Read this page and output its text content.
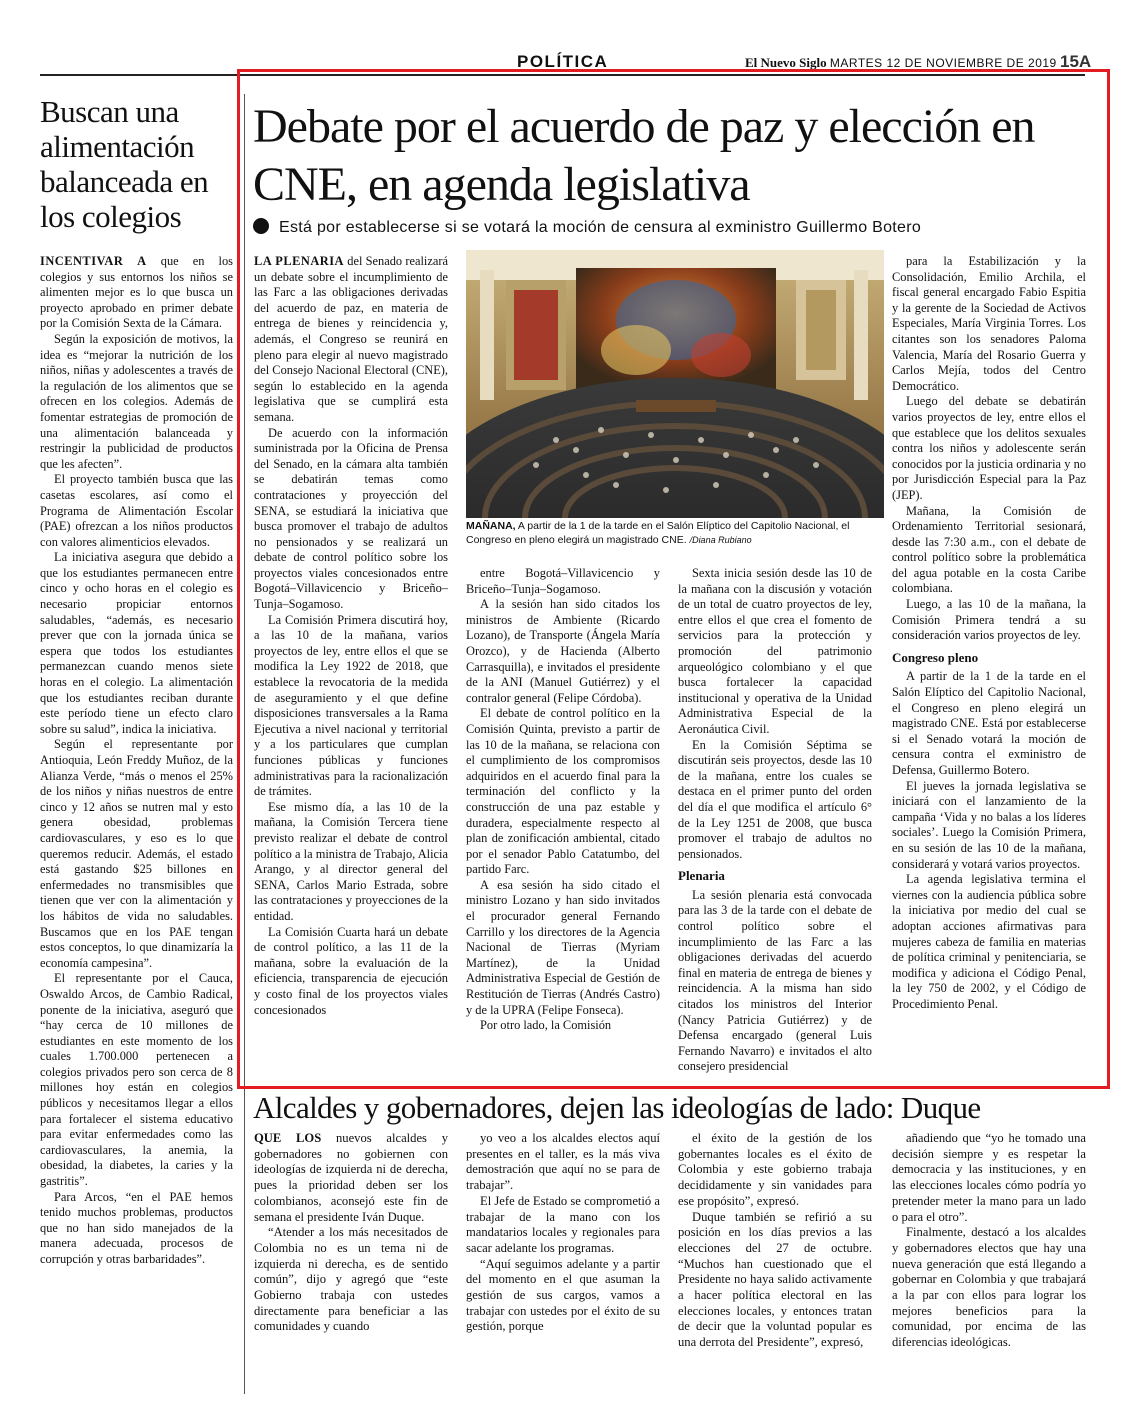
POLÍTICA	El Nuevo Siglo MARTES 12 DE NOVIEMBRE DE 2019 15A
Buscan una alimentación balanceada en los colegios

INCENTIVAR A que en los colegios y sus entornos los niños se alimenten mejor es lo que busca un proyecto aprobado en primer debate por la Comisión Sexta de la Cámara.

Según la exposición de motivos, la idea es “mejorar la nutrición de los niños, niñas y adolescentes a través de la regulación de los alimentos que se ofrecen en los colegios. Además de fomentar estrategias de promoción de una alimentación balanceada y restringir la publicidad de productos que les afecten”.

El proyecto también busca que las casetas escolares, así como el Programa de Alimentación Escolar (PAE) ofrezcan a los niños productos con valores alimenticios elevados.

La iniciativa asegura que debido a que los estudiantes permanecen entre cinco y ocho horas en el colegio es necesario propiciar entornos saludables, “además, es necesario prever que con la jornada única se espera que todos los estudiantes permanezcan cuando menos siete horas en el colegio. La alimentación que los estudiantes reciban durante este período tiene un efecto claro sobre su salud”, indica la iniciativa.

Según el representante por Antioquia, León Freddy Muñoz, de la Alianza Verde, “más o menos el 25% de los niños y niñas nuestros de entre cinco y 12 años se nutren mal y esto genera obesidad, problemas cardiovasculares, y eso es lo que queremos reducir. Además, el estado está gastando $25 billones en enfermedades no transmisibles que tienen que ver con la alimentación y los hábitos de vida no saludables. Buscamos que en los PAE tengan estos conceptos, lo que dinamizaría la economía campesina”.

El representante por el Cauca, Oswaldo Arcos, de Cambio Radical, ponente de la iniciativa, aseguró que “hay cerca de 10 millones de estudiantes en este momento de los cuales 1.700.000 pertenecen a colegios privados pero son cerca de 8 millones hoy están en colegios públicos y necesitamos llegar a ellos para fortalecer el sistema educativo para evitar enfermedades como las cardiovasculares, la anemia, la obesidad, la diabetes, la caries y la gastritis”.

Para Arcos, “en el PAE hemos tenido muchos problemas, productos que no han sido manejados de la manera adecuada, procesos de corrupción y otras barbaridades”.

Debate por el acuerdo de paz y elección en CNE, en agenda legislativa
Está por establecerse si se votará la moción de censura al exministro Guillermo Botero

LA PLENARIA del Senado realizará un debate sobre el incumplimiento de las Farc a las obligaciones derivadas del acuerdo de paz, en materia de entrega de bienes y reincidencia y, además, el Congreso se reunirá en pleno para elegir al nuevo magistrado del Consejo Nacional Electoral (CNE), según lo establecido en la agenda legislativa que se cumplirá esta semana.

De acuerdo con la información suministrada por la Oficina de Prensa del Senado, en la cámara alta también se debatirán temas como contrataciones y proyección del SENA, se estudiará la iniciativa que busca promover el trabajo de adultos no pensionados y se realizará un debate de control político sobre los proyectos viales concesionados entre Bogotá–Villavicencio y Briceño–Tunja–Sogamoso.

La Comisión Primera discutirá hoy, a las 10 de la mañana, varios proyectos de ley, entre ellos el que se modifica la Ley 1922 de 2018, que establece la revocatoria de la medida de aseguramiento y el que define disposiciones transversales a la Rama Ejecutiva a nivel nacional y territorial y a los particulares que cumplan funciones públicas y funciones administrativas para la racionalización de trámites.

Ese mismo día, a las 10 de la mañana, la Comisión Tercera tiene previsto realizar el debate de control político a la ministra de Trabajo, Alicia Arango, y al director general del SENA, Carlos Mario Estrada, sobre las contrataciones y proyecciones de la entidad.

La Comisión Cuarta hará un debate de control político, a las 11 de la mañana, sobre la evaluación de la eficiencia, transparencia de ejecución y costo final de los proyectos viales concesionados

entre Bogotá–Villavicencio y Briceño–Tunja–Sogamoso.

A la sesión han sido citados los ministros de Ambiente (Ricardo Lozano), de Transporte (Ángela María Orozco), y de Hacienda (Alberto Carrasquilla), e invitados el presidente de la ANI (Manuel Gutiérrez) y el contralor general (Felipe Córdoba).

El debate de control político en la Comisión Quinta, previsto a partir de las 10 de la mañana, se relaciona con el cumplimiento de los compromisos adquiridos en el acuerdo final para la terminación del conflicto y la construcción de una paz estable y duradera, especialmente respecto al plan de zonificación ambiental, citado por el senador Pablo Catatumbo, del partido Farc.

A esa sesión ha sido citado el ministro Lozano y han sido invitados el procurador general Fernando Carrillo y los directores de la Agencia Nacional de Tierras (Myriam Martínez), de la Unidad Administrativa Especial de Gestión de Restitución de Tierras (Andrés Castro) y de la UPRA (Felipe Fonseca).

Por otro lado, la Comisión

Sexta inicia sesión desde las 10 de la mañana con la discusión y votación de un total de cuatro proyectos de ley, entre ellos el que crea el fomento de servicios para la protección y promoción del patrimonio arqueológico colombiano y el que busca fortalecer la capacidad institucional y operativa de la Unidad Administrativa Especial de la Aeronáutica Civil.

En la Comisión Séptima se discutirán seis proyectos, desde las 10 de la mañana, entre los cuales se destaca en el primer punto del orden del día el que modifica el artículo 6° de la Ley 1251 de 2008, que busca promover el trabajo de adultos no pensionados.

Plenaria

La sesión plenaria está convocada para las 3 de la tarde con el debate de control político sobre el incumplimiento de las Farc a las obligaciones derivadas del acuerdo final en materia de entrega de bienes y reincidencia. A la misma han sido citados los ministros del Interior (Nancy Patricia Gutiérrez) y de Defensa encargado (general Luis Fernando Navarro) e invitados el alto consejero presidencial

para la Estabilización y la Consolidación, Emilio Archila, el fiscal general encargado Fabio Espitia y la gerente de la Sociedad de Activos Especiales, María Virginia Torres. Los citantes son los senadores Paloma Valencia, María del Rosario Guerra y Carlos Mejía, todos del Centro Democrático.

Luego del debate se debatirán varios proyectos de ley, entre ellos el que establece que los delitos sexuales contra los niños y adolescente serán conocidos por la justicia ordinaria y no por Jurisdicción Especial para la Paz (JEP).

Mañana, la Comisión de Ordenamiento Territorial sesionará, desde las 7:30 a.m., con el debate de control político sobre la problemática del agua potable en la costa Caribe colombiana.

Luego, a las 10 de la mañana, la Comisión Primera tendrá a su consideración varios proyectos de ley.

Congreso pleno

A partir de la 1 de la tarde en el Salón Elíptico del Capitolio Nacional, el Congreso en pleno elegirá un magistrado CNE. Está por establecerse si el Senado votará la moción de censura contra el exministro de Defensa, Guillermo Botero.

El jueves la jornada legislativa se iniciará con el lanzamiento de la campaña ‘Vida y no balas a los líderes sociales’. Luego la Comisión Primera, en su sesión de las 10 de la mañana, considerará y votará varios proyectos.

La agenda legislativa termina el viernes con la audiencia pública sobre la iniciativa por medio del cual se adoptan acciones afirmativas para mujeres cabeza de familia en materias de política criminal y penitenciaria, se modifica y adiciona el Código Penal, la ley 750 de 2002, y el Código de Procedimiento Penal.

MAÑANA, A partir de la 1 de la tarde en el Salón Elíptico del Capitolio Nacional, el Congreso en pleno elegirá un magistrado CNE. /Diana Rubiano
Alcaldes y gobernadores, dejen las ideologías de lado: Duque

QUE LOS nuevos alcaldes y gobernadores no gobiernen con ideologías de izquierda ni de derecha, pues la prioridad deben ser los colombianos, aconsejó este fin de semana el presidente Iván Duque.

“Atender a los más necesitados de Colombia no es un tema ni de izquierda ni derecha, es de sentido común”, dijo y agregó que “este Gobierno trabaja con ustedes directamente para beneficiar a las comunidades y cuando

yo veo a los alcaldes electos aquí presentes en el taller, es la más viva demostración que aquí no se para de trabajar”.

El Jefe de Estado se comprometió a trabajar de la mano con los mandatarios locales y regionales para sacar adelante los programas.

“Aquí seguimos adelante y a partir del momento en el que asuman la gestión de sus cargos, vamos a trabajar con ustedes por el éxito de su gestión, porque

el éxito de la gestión de los gobernantes locales es el éxito de Colombia y este gobierno trabaja decididamente y sin vanidades para ese propósito”, expresó.

Duque también se refirió a su posición en los días previos a las elecciones del 27 de octubre. “Muchos han cuestionado que el Presidente no haya salido activamente a hacer política electoral en las elecciones locales, y entonces tratan de decir que la voluntad popular es una derrota del Presidente”, expresó,

añadiendo que “yo he tomado una decisión siempre y es respetar la democracia y las instituciones, y en las elecciones locales cómo podría yo pretender meter la mano para un lado o para el otro”.

Finalmente, destacó a los alcaldes y gobernadores electos que hay una nueva generación que está llegando a gobernar en Colombia y que trabajará a la par con ellos para lograr los mejores beneficios para la comunidad, por encima de las diferencias ideológicas.
